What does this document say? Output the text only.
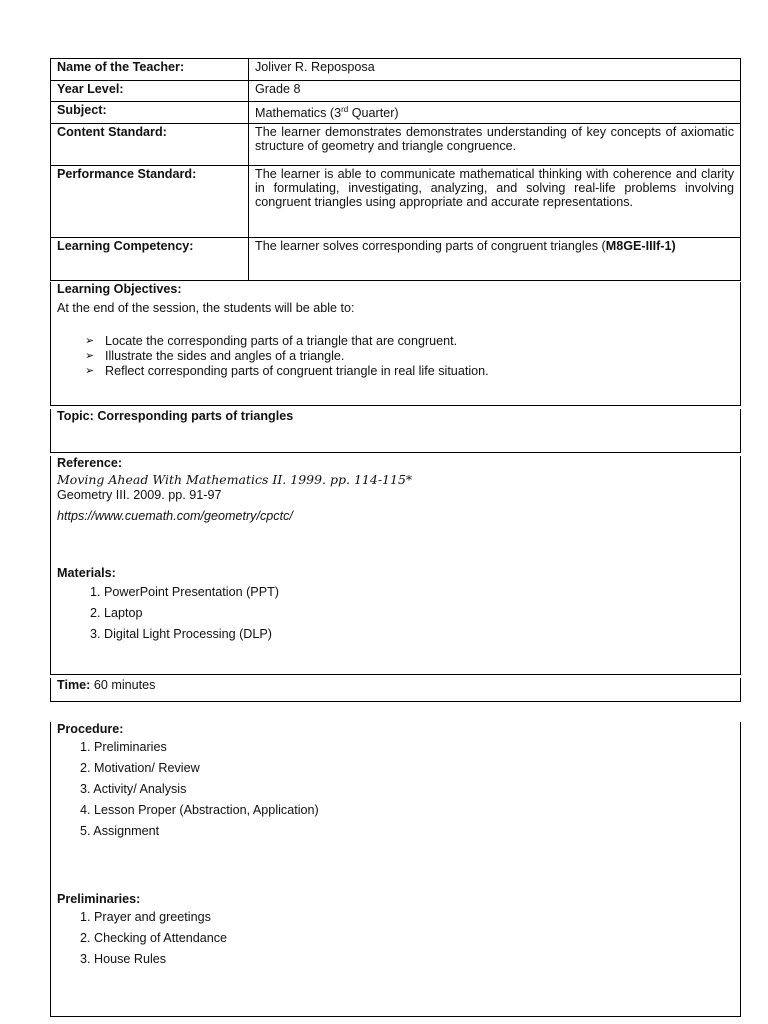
Name of the Teacher:	Joliver R. Reposposa
Year Level:	Grade 8
Subject:	Mathematics (3rd Quarter)
Content Standard:	The learner demonstrates demonstrates understanding of key concepts of axiomatic structure of geometry and triangle congruence.
Performance Standard:	The learner is able to communicate mathematical thinking with coherence and clarity in formulating, investigating, analyzing, and solving real-life problems involving congruent triangles using appropriate and accurate representations.
Learning Competency:	The learner solves corresponding parts of congruent triangles (M8GE-IIIf-1)
Learning Objectives:
At the end of the session, the students will be able to:
➢ Locate the corresponding parts of a triangle that are congruent.
➢ Illustrate the sides and angles of a triangle.
➢ Reflect corresponding parts of congruent triangle in real life situation.
Topic: Corresponding parts of triangles
Reference:
Moving Ahead With Mathematics II. 1999. pp. 114-115*
Geometry III. 2009. pp. 91-97
https://www.cuemath.com/geometry/cpctc/
Materials:
1. PowerPoint Presentation (PPT)
2. Laptop
3. Digital Light Processing (DLP)
Time: 60 minutes
Procedure:
1. Preliminaries
2. Motivation/ Review
3. Activity/ Analysis
4. Lesson Proper (Abstraction, Application)
5. Assignment
Preliminaries:
1. Prayer and greetings
2. Checking of Attendance
3. House Rules
